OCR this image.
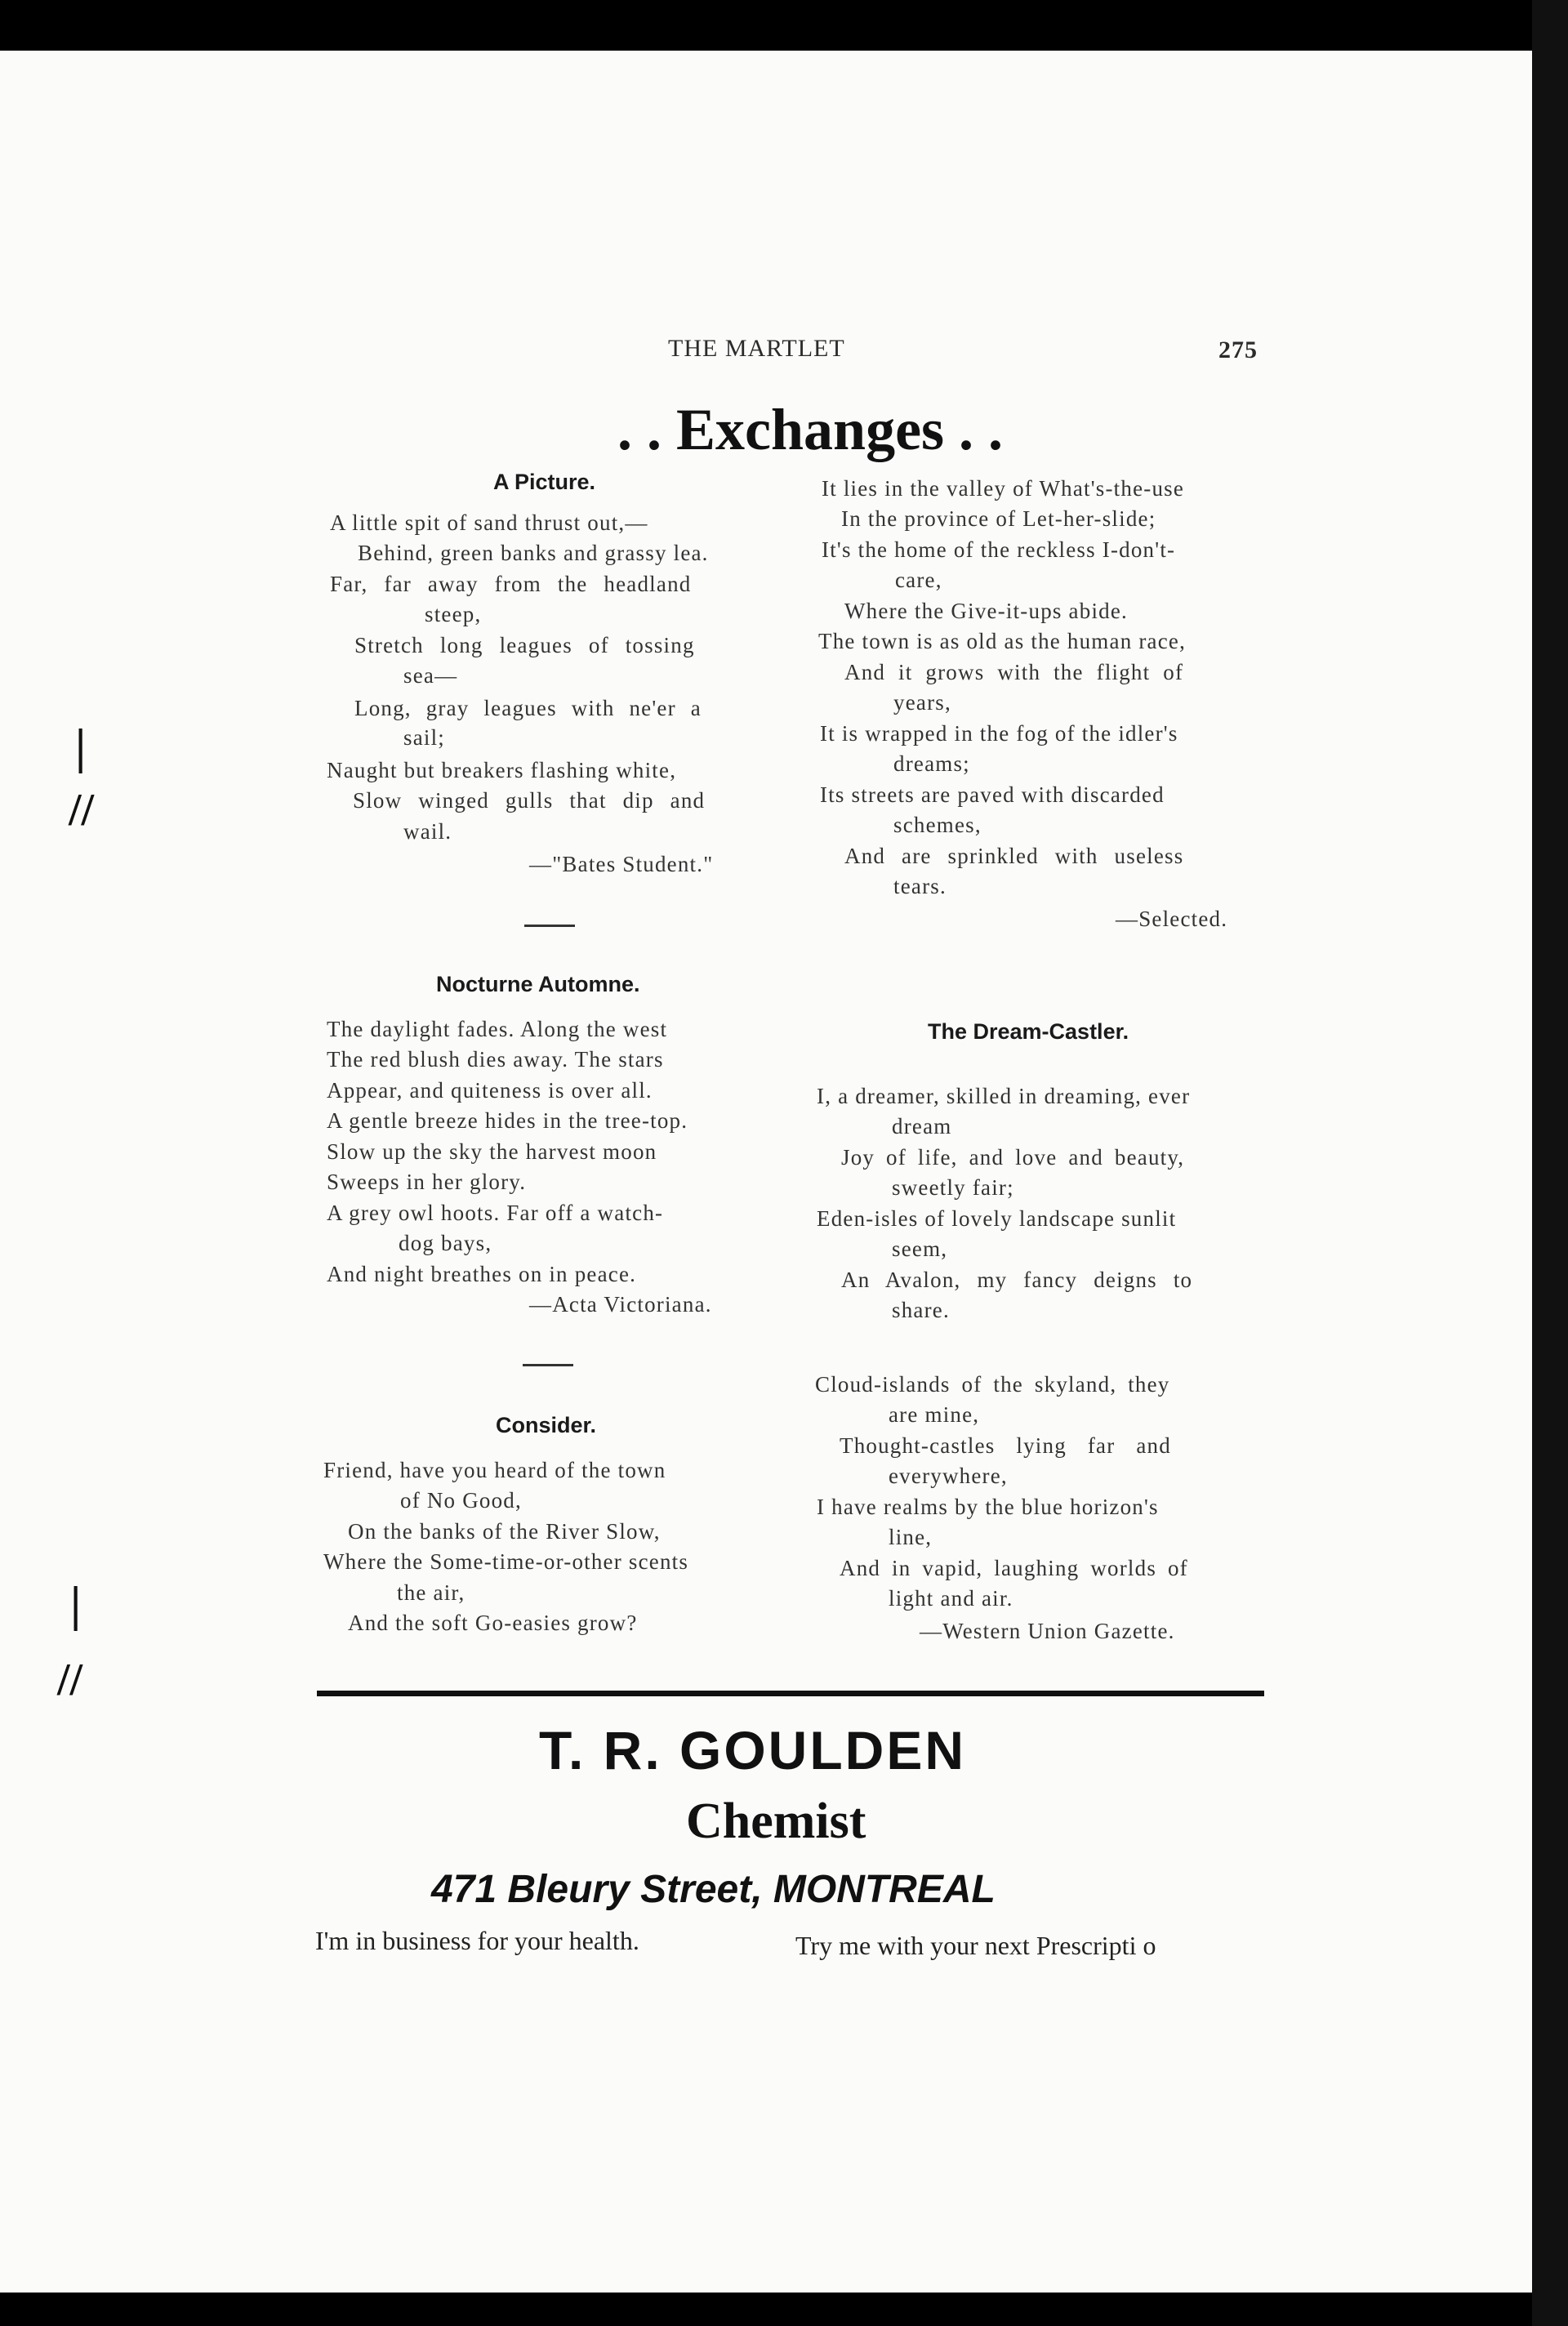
|
//
|
//
THE MARTLET	275
. . Exchanges . .
A Picture.
A little spit of sand thrust out,—
Behind, green banks and grassy lea.
Far, far away from the headland
steep,
Stretch long leagues of tossing
sea—
Long, gray leagues with ne'er a
sail;
Naught but breakers flashing white,
Slow winged gulls that dip and
wail.
—"Bates Student."
Nocturne Automne.
The daylight fades. Along the west
The red blush dies away. The stars
Appear, and quiteness is over all.
A gentle breeze hides in the tree-top.
Slow up the sky the harvest moon
Sweeps in her glory.
A grey owl hoots. Far off a watch-
dog bays,
And night breathes on in peace.
—Acta Victoriana.
Consider.
Friend, have you heard of the town
of No Good,
On the banks of the River Slow,
Where the Some-time-or-other scents
the air,
And the soft Go-easies grow?
It lies in the valley of What's-the-use
In the province of Let-her-slide;
It's the home of the reckless I-don't-
care,
Where the Give-it-ups abide.
The town is as old as the human race,
And it grows with the flight of
years,
It is wrapped in the fog of the idler's
dreams;
Its streets are paved with discarded
schemes,
And are sprinkled with useless
tears.
—Selected.
The Dream-Castler.
I, a dreamer, skilled in dreaming, ever
dream
Joy of life, and love and beauty,
sweetly fair;
Eden-isles of lovely landscape sunlit
seem,
An Avalon, my fancy deigns to
share.
Cloud-islands of the skyland, they
are mine,
Thought-castles lying far and
everywhere,
I have realms by the blue horizon's
line,
And in vapid, laughing worlds of
light and air.
—Western Union Gazette.
T. R. GOULDEN
Chemist
471 Bleury Street, MONTREAL
I'm in business for your health.	Try me with your next Prescripti o
